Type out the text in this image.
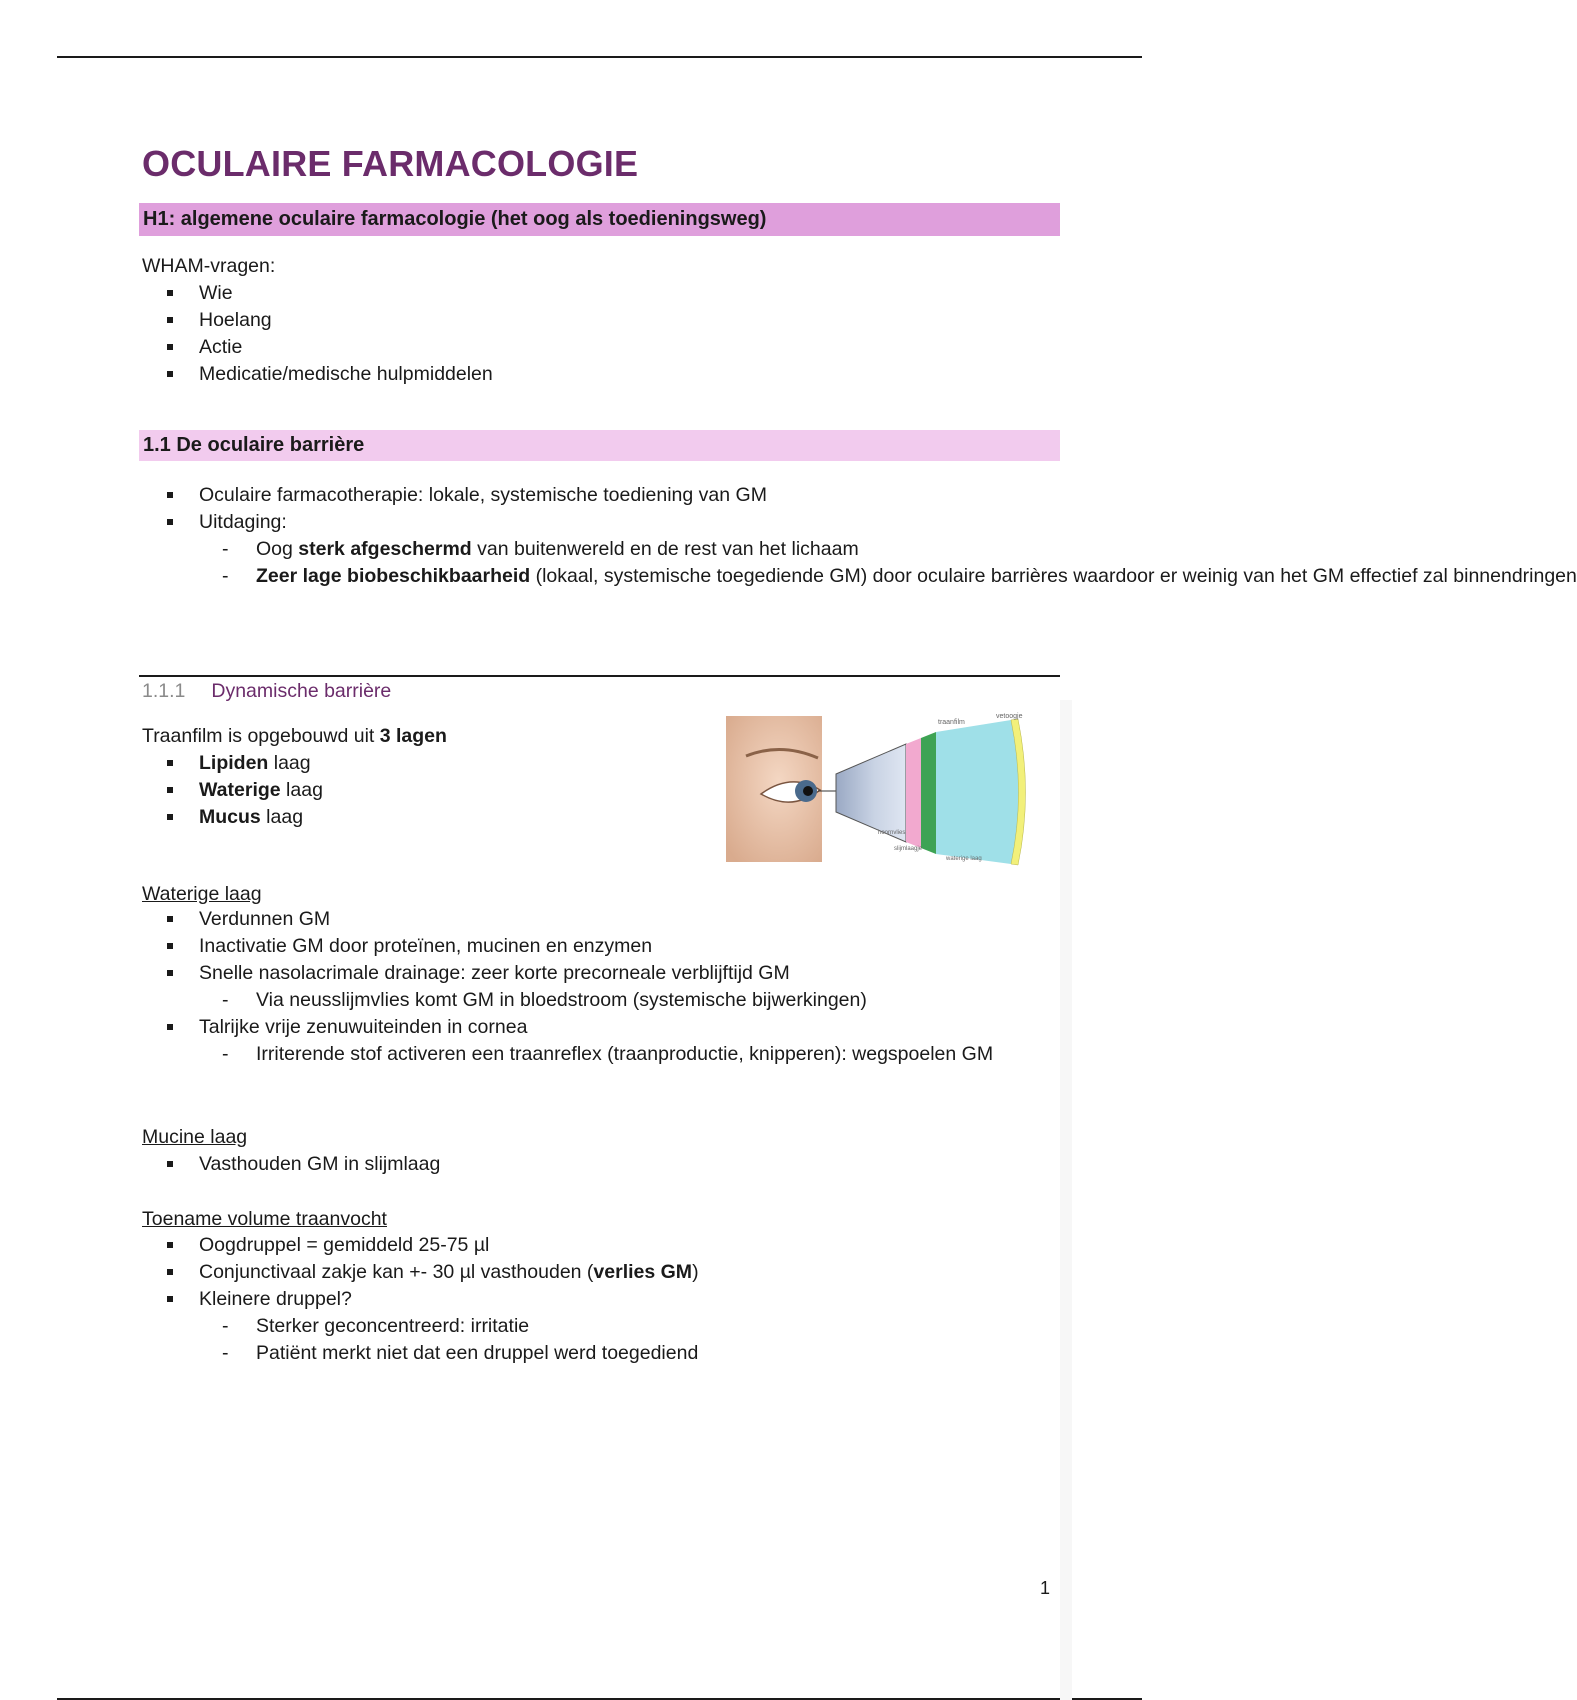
OCULAIRE FARMACOLOGIE
H1: algemene oculaire farmacologie (het oog als toedieningsweg)
WHAM-vragen:
Wie
Hoelang
Actie
Medicatie/medische hulpmiddelen
1.1 De oculaire barrière
Oculaire farmacotherapie: lokale, systemische toediening van GM
Uitdaging:
- Oog sterk afgeschermd van buitenwereld en de rest van het lichaam
- Zeer lage biobeschikbaarheid (lokaal, systemische toegediende GM) door oculaire barrières waardoor er weinig van het GM effectief zal binnendringen
1.1.1 Dynamische barrière
Traanfilm is opgebouwd uit 3 lagen
Lipiden laag
Waterige laag
Mucus laag
traanfilm
vetoogje
hoornvlies
slijmlaagje
waterige laag
Waterige laag
Verdunnen GM
Inactivatie GM door proteïnen, mucinen en enzymen
Snelle nasolacrimale drainage: zeer korte precorneale verblijftijd GM
- Via neusslijmvlies komt GM in bloedstroom (systemische bijwerkingen)
Talrijke vrije zenuwuiteinden in cornea
- Irriterende stof activeren een traanreflex (traanproductie, knipperen): wegspoelen GM
Mucine laag
Vasthouden GM in slijmlaag
Toename volume traanvocht
Oogdruppel = gemiddeld 25-75 µl
Conjunctivaal zakje kan +- 30 µl vasthouden (verlies GM)
Kleinere druppel?
- Sterker geconcentreerd: irritatie
- Patiënt merkt niet dat een druppel werd toegediend
1
